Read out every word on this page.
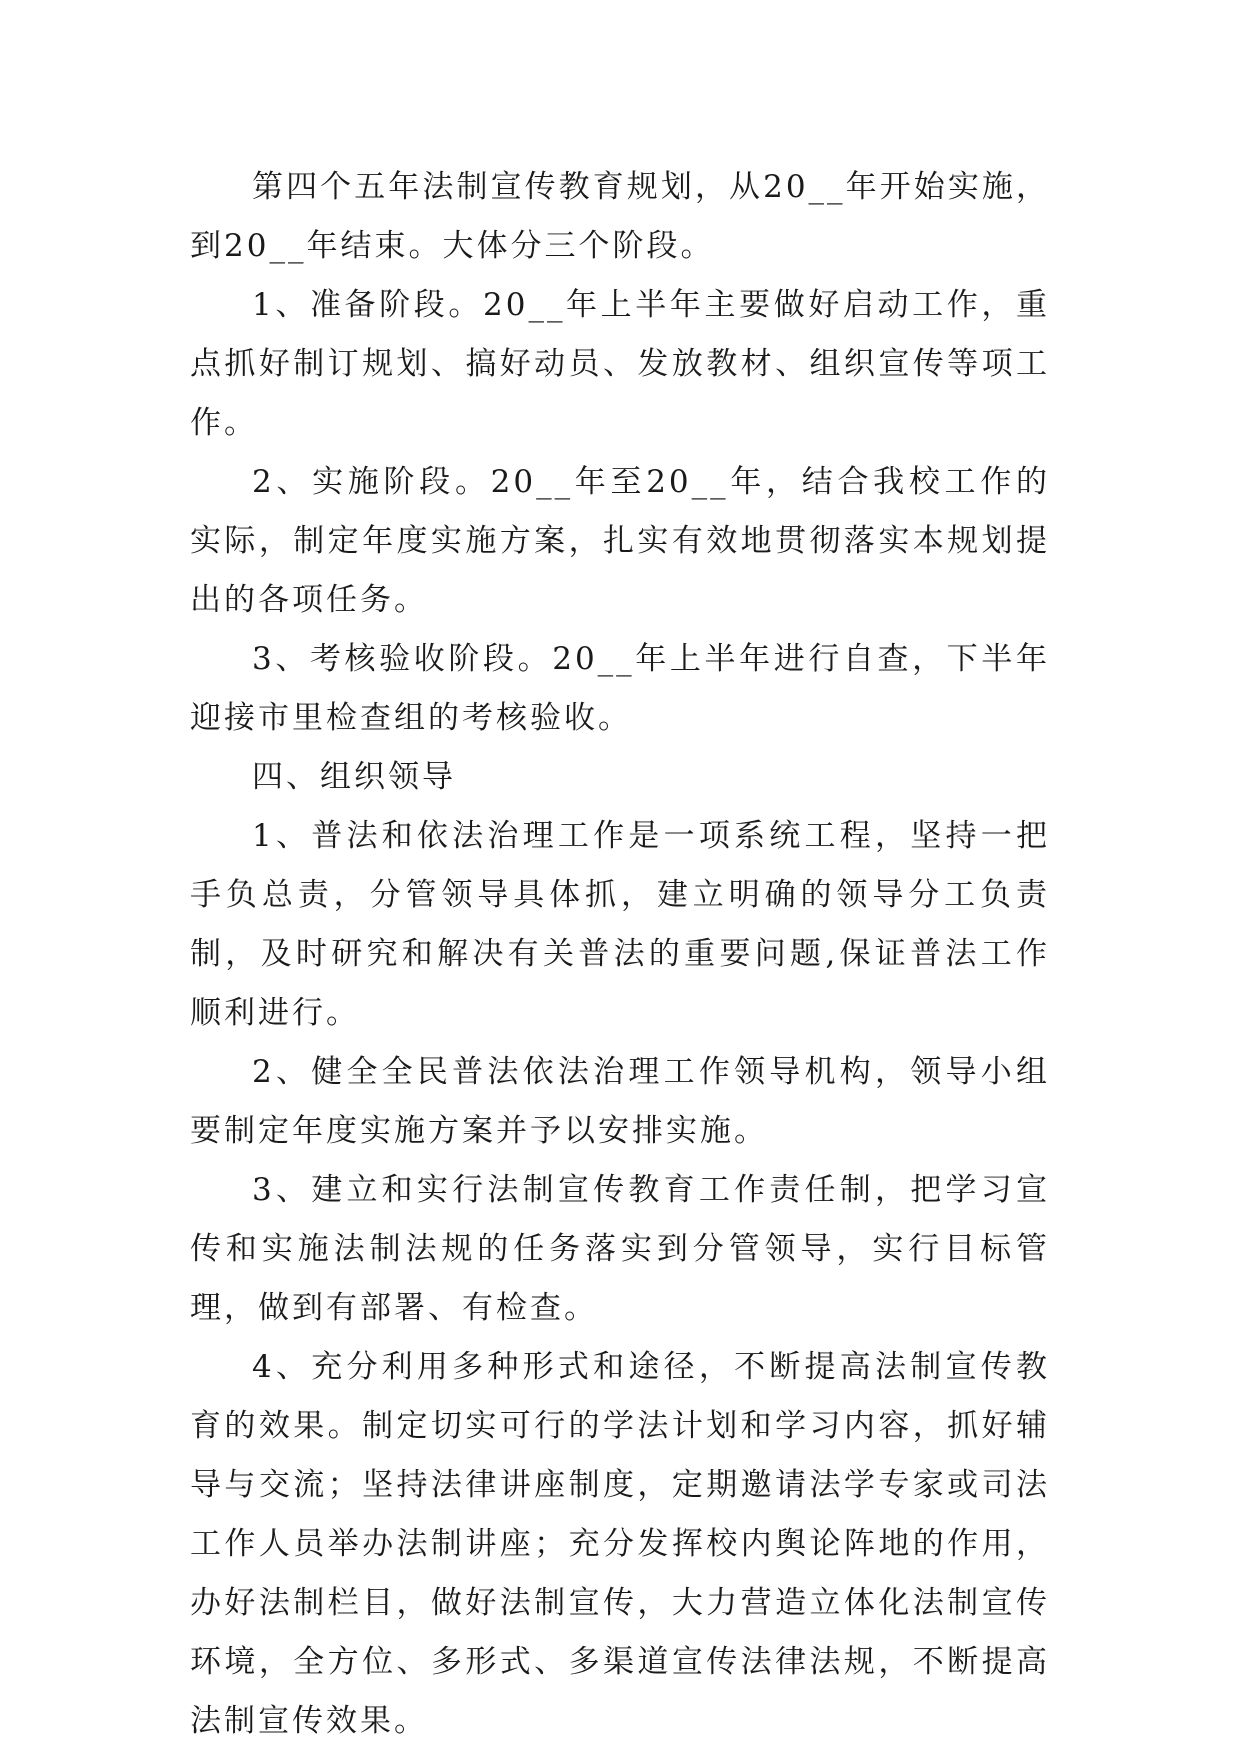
第四个五年法制宣传教育规划，从20__年开始实施，到20__年结束。大体分三个阶段。

1、准备阶段。20__年上半年主要做好启动工作，重点抓好制订规划、搞好动员、发放教材、组织宣传等项工作。

2、实施阶段。20__年至20__年，结合我校工作的实际，制定年度实施方案，扎实有效地贯彻落实本规划提出的各项任务。

3、考核验收阶段。20__年上半年进行自查，下半年迎接市里检查组的考核验收。

四、组织领导

1、普法和依法治理工作是一项系统工程，坚持一把手负总责，分管领导具体抓，建立明确的领导分工负责制，及时研究和解决有关普法的重要问题,保证普法工作顺利进行。

2、健全全民普法依法治理工作领导机构，领导小组要制定年度实施方案并予以安排实施。

3、建立和实行法制宣传教育工作责任制，把学习宣传和实施法制法规的任务落实到分管领导，实行目标管理，做到有部署、有检查。

4、充分利用多种形式和途径，不断提高法制宣传教育的效果。制定切实可行的学法计划和学习内容，抓好辅导与交流；坚持法律讲座制度，定期邀请法学专家或司法工作人员举办法制讲座；充分发挥校内舆论阵地的作用，办好法制栏目，做好法制宣传，大力营造立体化法制宣传环境，全方位、多形式、多渠道宣传法律法规，不断提高法制宣传效果。
